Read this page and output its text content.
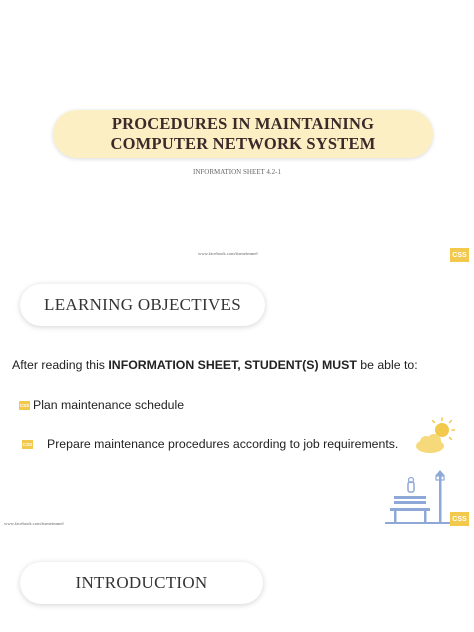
PROCEDURES IN MAINTAINING
COMPUTER NETWORK SYSTEM
INFORMATION SHEET 4.2-1
www.facebook.com/itsmeimmel	CSS
LEARNING OBJECTIVES
After reading this INFORMATION SHEET, STUDENT(S) MUST be able to:
CSS Plan maintenance schedule
CSS Prepare maintenance procedures according to job requirements.
www.facebook.com/itsmeimmel
CSS
INTRODUCTION
